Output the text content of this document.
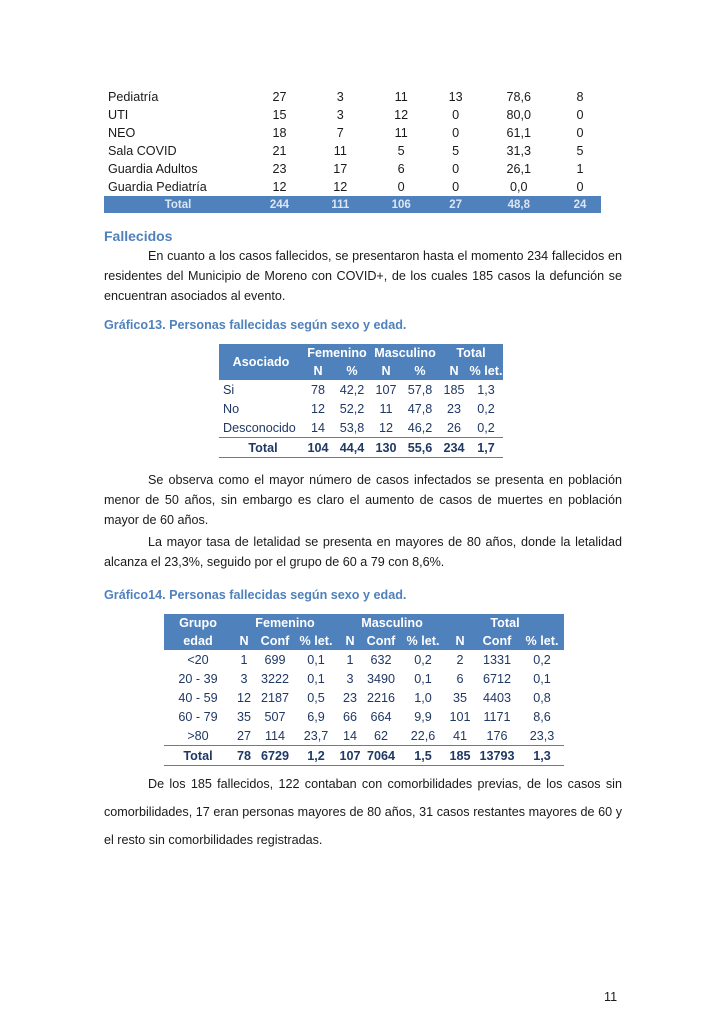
Pediatría	27	3	11	13	78,6	8
UTI	15	3	12	0	80,0	0
NEO	18	7	11	0	61,1	0
Sala COVID	21	11	5	5	31,3	5
Guardia Adultos	23	17	6	0	26,1	1
Guardia Pediatría	12	12	0	0	0,0	0
Total	244	111	106	27	48,8	24
Fallecidos
En cuanto a los casos fallecidos, se presentaron hasta el momento 234 fallecidos en residentes del Municipio de Moreno con COVID+, de los cuales 185 casos la defunción se encuentran asociados al evento.
Gráfico13. Personas fallecidas según sexo y edad.
Asociado	Femenino		Masculino		Total	
	N	%	N	%	N	% let.
Si	78	42,2	107	57,8	185	1,3
No	12	52,2	11	47,8	23	0,2
Desconocido	14	53,8	12	46,2	26	0,2
Total	104	44,4	130	55,6	234	1,7
Se observa como el mayor número de casos infectados se presenta en población menor de 50 años, sin embargo es claro el aumento de casos de muertes en población mayor de 60 años.
La mayor tasa de letalidad se presenta en mayores de 80 años, donde la letalidad alcanza el 23,3%, seguido por el grupo de 60 a 79 con 8,6%.
Gráfico14. Personas fallecidas según sexo y edad.
Grupo	Femenino			Masculino			Total		
edad	N	Conf	% let.	N	Conf	% let.	N	Conf	% let.
<20	1	699	0,1	1	632	0,2	2	1331	0,2
20 - 39	3	3222	0,1	3	3490	0,1	6	6712	0,1
40 - 59	12	2187	0,5	23	2216	1,0	35	4403	0,8
60 - 79	35	507	6,9	66	664	9,9	101	1171	8,6
>80	27	114	23,7	14	62	22,6	41	176	23,3
Total	78	6729	1,2	107	7064	1,5	185	13793	1,3
De los 185 fallecidos, 122 contaban con comorbilidades previas, de los casos sin comorbilidades, 17 eran personas mayores de 80 años, 31 casos restantes mayores de 60 y el resto sin comorbilidades registradas.
11
